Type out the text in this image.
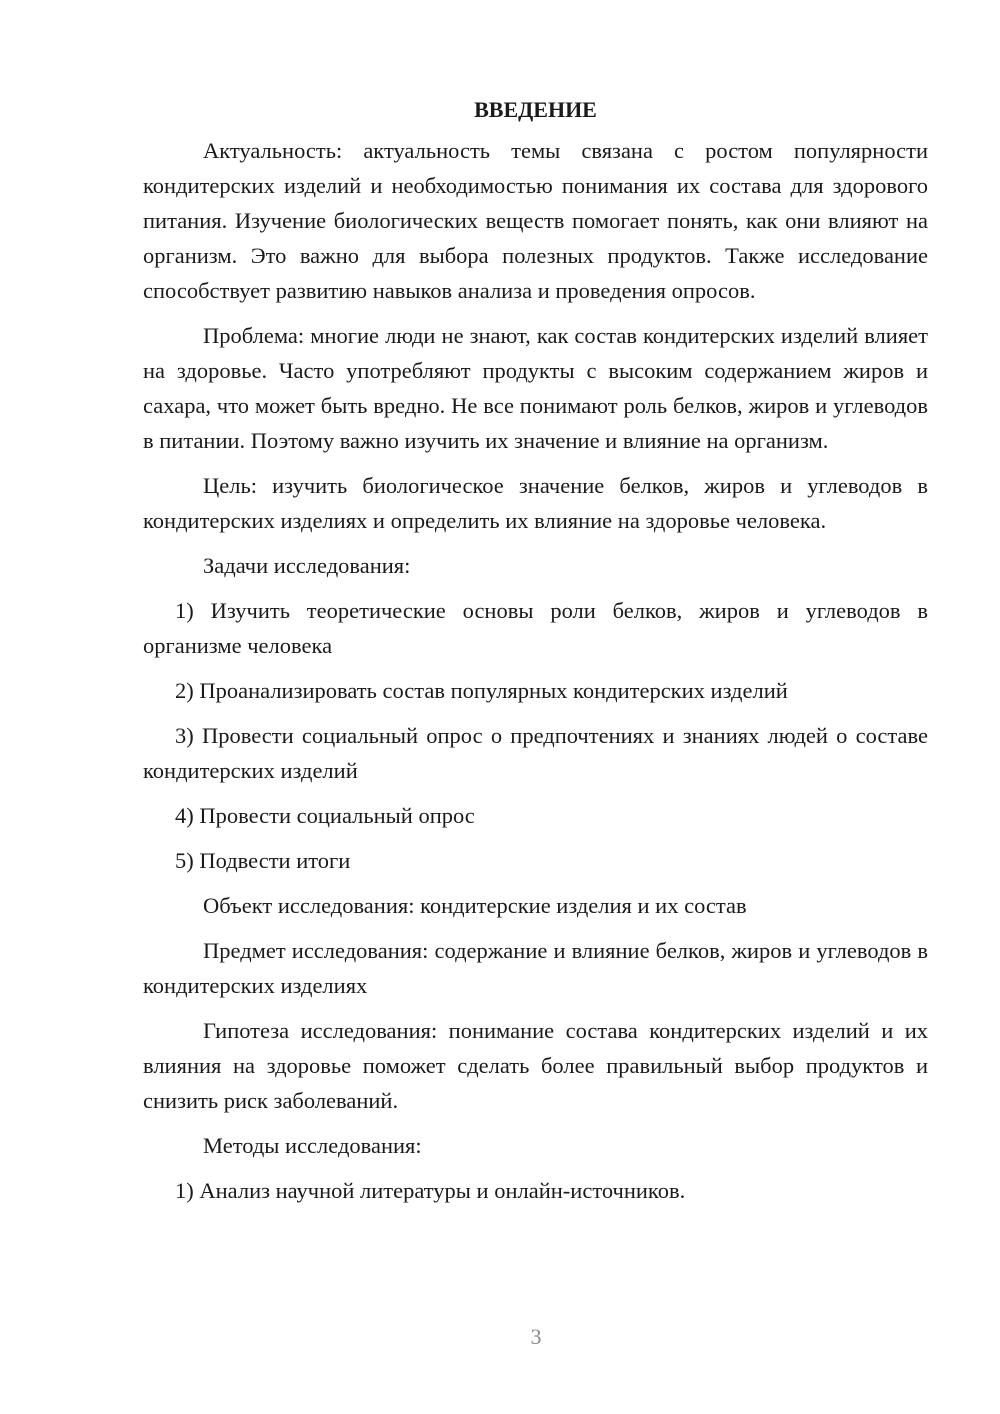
ВВЕДЕНИЕ

Актуальность: актуальность темы связана с ростом популярности кондитерских изделий и необходимостью понимания их состава для здорового питания. Изучение биологических веществ помогает понять, как они влияют на организм. Это важно для выбора полезных продуктов. Также исследование способствует развитию навыков анализа и проведения опросов.

Проблема: многие люди не знают, как состав кондитерских изделий влияет на здоровье. Часто употребляют продукты с высоким содержанием жиров и сахара, что может быть вредно. Не все понимают роль белков, жиров и углеводов в питании. Поэтому важно изучить их значение и влияние на организм.

Цель: изучить биологическое значение белков, жиров и углеводов в кондитерских изделиях и определить их влияние на здоровье человека.

Задачи исследования:

1) Изучить теоретические основы роли белков, жиров и углеводов в организме человека

2) Проанализировать состав популярных кондитерских изделий

3) Провести социальный опрос о предпочтениях и знаниях людей о составе кондитерских изделий

4) Провести социальный опрос

5) Подвести итоги

Объект исследования: кондитерские изделия и их состав

Предмет исследования: содержание и влияние белков, жиров и углеводов в кондитерских изделиях

Гипотеза исследования: понимание состава кондитерских изделий и их влияния на здоровье поможет сделать более правильный выбор продуктов и снизить риск заболеваний.

Методы исследования:

1) Анализ научной литературы и онлайн-источников.

3
